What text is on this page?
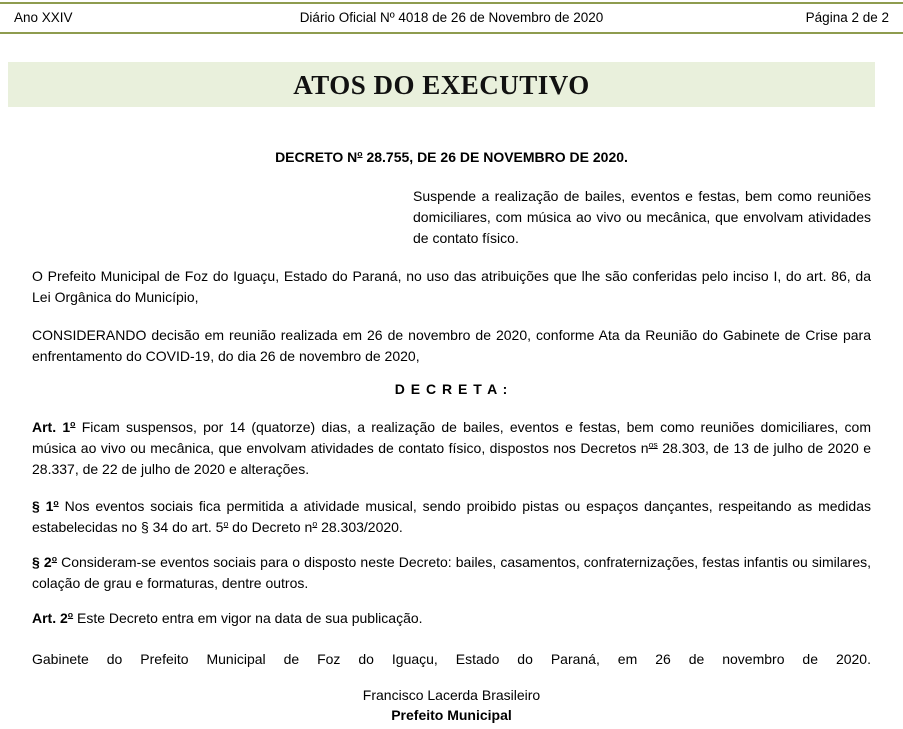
Ano XXIV	Diário Oficial Nº 4018 de 26 de Novembro de 2020	Página 2 de 2
ATOS DO EXECUTIVO
DECRETO $N^o$ 28.755, DE 26 DE NOVEMBRO DE 2020.
Suspende a realização de bailes, eventos e festas, bem como reuniões domiciliares, com música ao vivo ou mecânica, que envolvam atividades de contato físico.
O Prefeito Municipal de Foz do Iguaçu, Estado do Paraná, no uso das atribuições que lhe são conferidas pelo inciso I, do art. 86, da Lei Orgânica do Município,
CONSIDERANDO decisão em reunião realizada em 26 de novembro de 2020, conforme Ata da Reunião do Gabinete de Crise para enfrentamento do COVID-19, do dia 26 de novembro de 2020,
D E C R E T A :
Art. 1$^o$ Ficam suspensos, por 14 (quatorze) dias, a realização de bailes, eventos e festas, bem como reuniões domiciliares, com música ao vivo ou mecânica, que envolvam atividades de contato físico, dispostos nos Decretos $n^{os}$ 28.303, de 13 de julho de 2020 e 28.337, de 22 de julho de 2020 e alterações.
§ 1$^o$ Nos eventos sociais fica permitida a atividade musical, sendo proibido pistas ou espaços dançantes, respeitando as medidas estabelecidas no § 34 do art. 5$^o$ do Decreto $n^o$ 28.303/2020.
§ 2$^o$ Consideram-se eventos sociais para o disposto neste Decreto: bailes, casamentos, confraternizações, festas infantis ou similares, colação de grau e formaturas, dentre outros.
Art. 2$^o$ Este Decreto entra em vigor na data de sua publicação.
Gabinete do Prefeito Municipal de Foz do Iguaçu, Estado do Paraná, em 26 de novembro de 2020.
Francisco Lacerda Brasileiro
Prefeito Municipal
